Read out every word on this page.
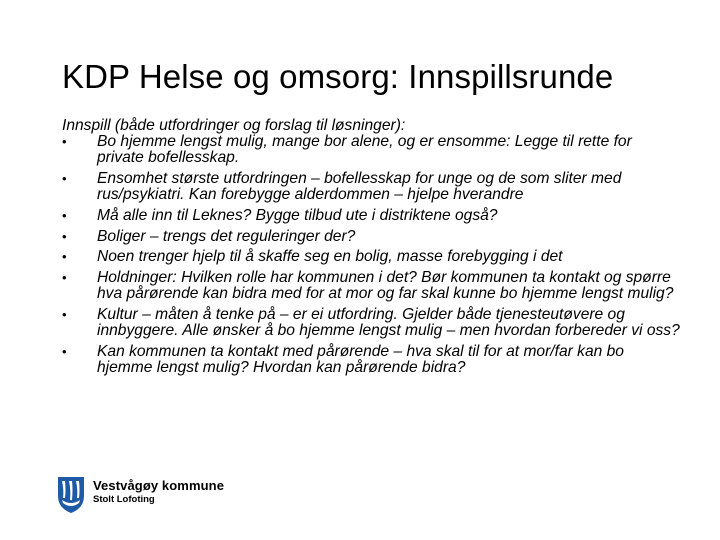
KDP Helse og omsorg: Innspillsrunde
Innspill (både utfordringer og forslag til løsninger):
• Bo hjemme lengst mulig, mange bor alene, og er ensomme: Legge til rette for private bofellesskap.
• Ensomhet største utfordringen – bofellesskap for unge og de som sliter med rus/psykiatri. Kan forebygge alderdommen – hjelpe hverandre
• Må alle inn til Leknes? Bygge tilbud ute i distriktene også?
• Boliger – trengs det reguleringer der?
• Noen trenger hjelp til å skaffe seg en bolig, masse forebygging i det
• Holdninger: Hvilken rolle har kommunen i det? Bør kommunen ta kontakt og spørre hva pårørende kan bidra med for at mor og far skal kunne bo hjemme lengst mulig?
• Kultur – måten å tenke på – er ei utfordring. Gjelder både tjenesteutøvere og innbyggere. Alle ønsker å bo hjemme lengst mulig – men hvordan forbereder vi oss?
• Kan kommunen ta kontakt med pårørende – hva skal til for at mor/far kan bo hjemme lengst mulig? Hvordan kan pårørende bidra?
Vestvågøy kommune
Stolt Lofoting
